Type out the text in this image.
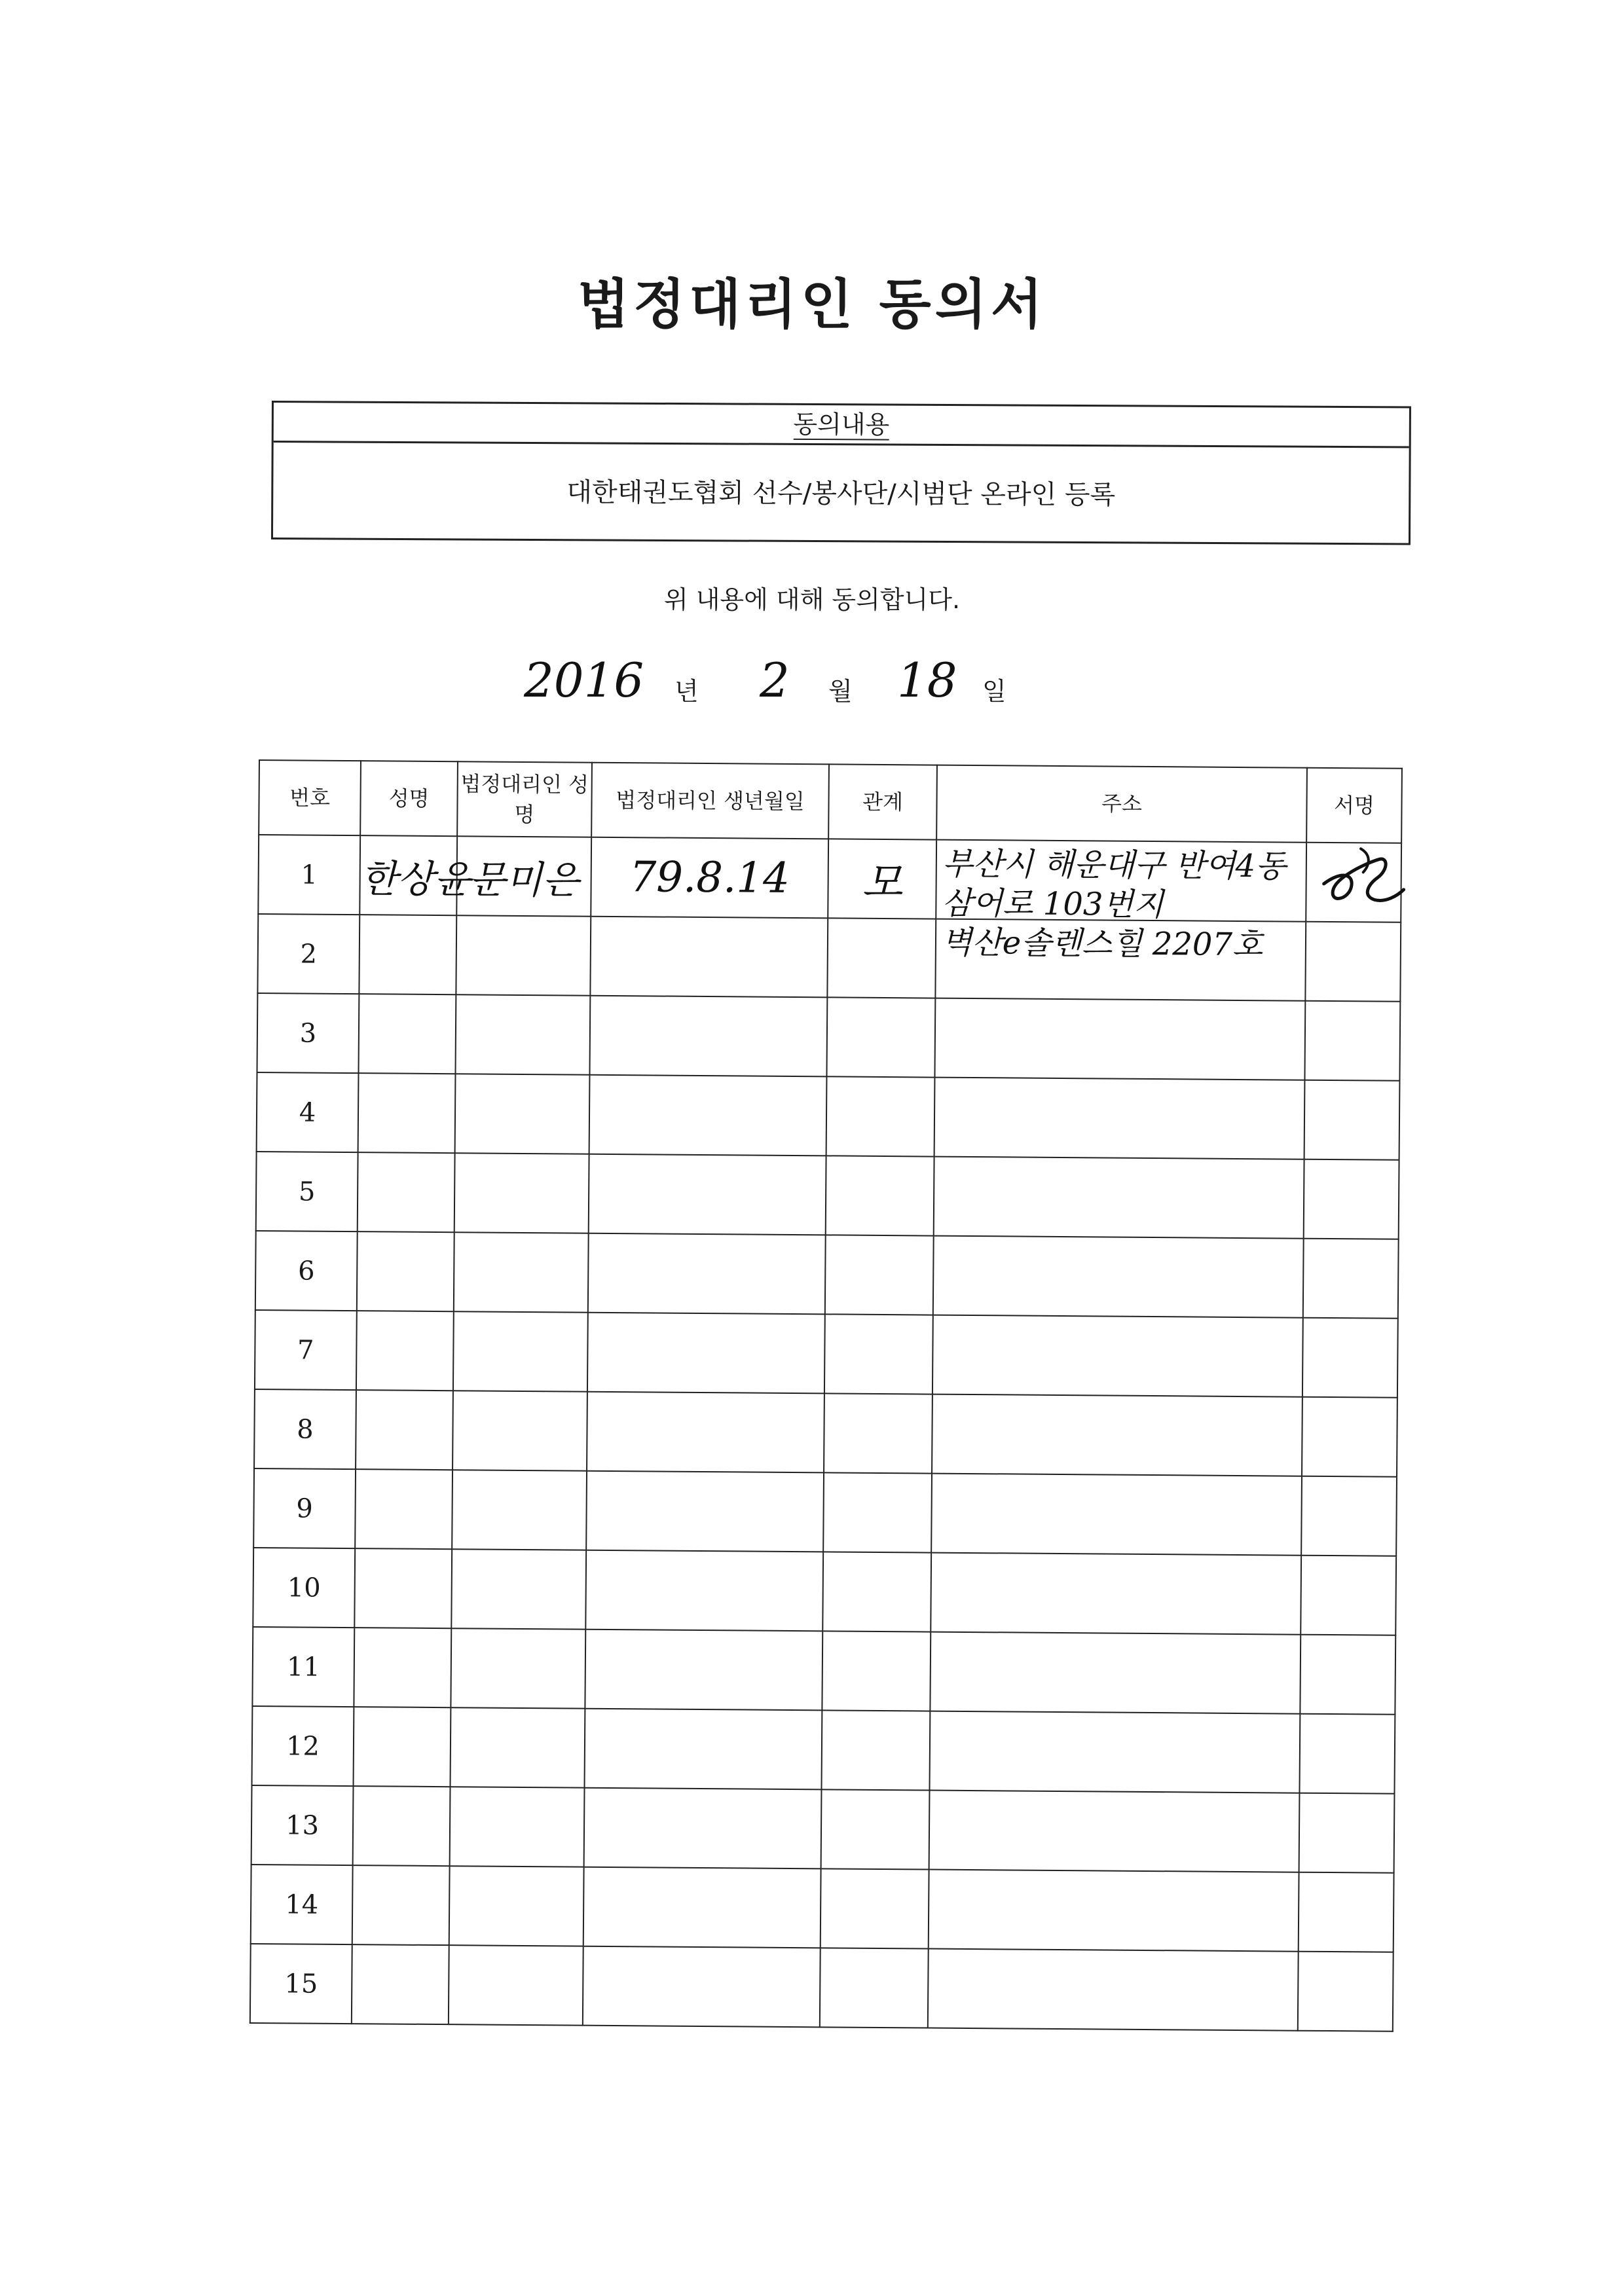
법정대리인 동의서
동의내용
대한태권도협회 선수/봉사단/시범단 온라인 등록
위 내용에 대해 동의합니다.
2016 년 2 월 18 일
번호	성명	법정대리인 성명	법정대리인 생년월일	관계	주소	서명
1	한상윤	문미은	79.8.14	모	부산시 해운대구 반여4동
삼어로 103번지
벽산e솔렌스힐 2207호

2						
3						
4						
5						
6						
7						
8						
9						
10						
11						
12						
13						
14						
15						
